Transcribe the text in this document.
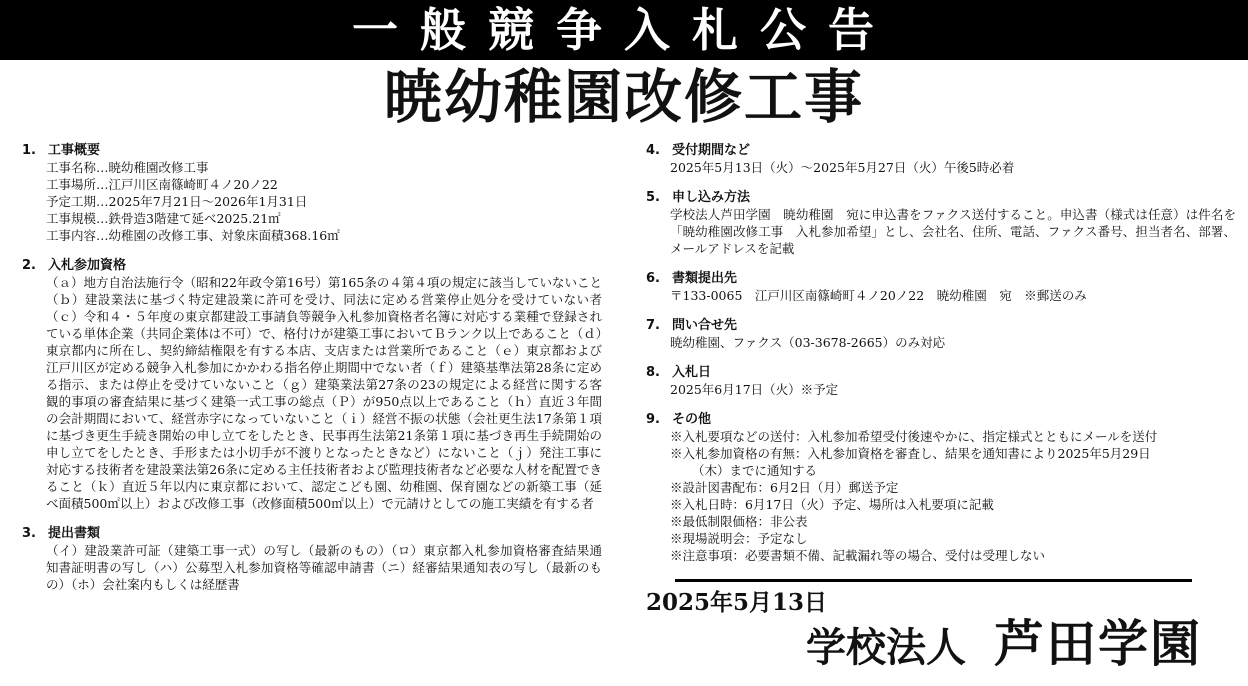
一般競争入札公告
暁幼稚園改修工事
1. 工事概要
工事名称…暁幼稚園改修工事
工事場所…江戸川区南篠崎町４ノ20ノ22
予定工期…2025年7月21日〜2026年1月31日
工事規模…鉄骨造3階建て延べ2025.21㎡
工事内容…幼稚園の改修工事、対象床面積368.16㎡
2. 入札参加資格
（ａ）地方自治法施行令（昭和22年政令第16号）第165条の４第４項の規定に該当していないこと（ｂ）建設業法に基づく特定建設業に許可を受け、同法に定める営業停止処分を受けていない者（ｃ）令和４・５年度の東京都建設工事請負等競争入札参加資格者名簿に対応する業種で登録されている単体企業（共同企業体は不可）で、格付けが建築工事においてＢランク以上であること（ｄ）東京都内に所在し、契約締結権限を有する本店、支店または営業所であること（ｅ）東京都および江戸川区が定める競争入札参加にかかわる指名停止期間中でない者（ｆ）建築基準法第28条に定める指示、または停止を受けていないこと（ｇ）建築業法第27条の23の規定による経営に関する客観的事項の審査結果に基づく建築一式工事の総点（Ｐ）が950点以上であること（ｈ）直近３年間の会計期間において、経営赤字になっていないこと（ｉ）経営不振の状態（会社更生法17条第１項に基づき更生手続き開始の申し立てをしたとき、民事再生法第21条第１項に基づき再生手続開始の申し立てをしたとき、手形または小切手が不渡りとなったときなど）にないこと（ｊ）発注工事に対応する技術者を建設業法第26条に定める主任技術者および監理技術者など必要な人材を配置できること（ｋ）直近５年以内に東京都において、認定こども園、幼稚園、保育園などの新築工事（延べ面積500㎡以上）および改修工事（改修面積500㎡以上）で元請けとしての施工実績を有する者
3. 提出書類
（イ）建設業許可証（建築工事一式）の写し（最新のもの）（ロ）東京都入札参加資格審査結果通知書証明書の写し（ハ）公募型入札参加資格等確認申請書（ニ）経審結果通知表の写し（最新のもの）（ホ）会社案内もしくは経歴書
4. 受付期間など
2025年5月13日（火）〜2025年5月27日（火）午後5時必着
5. 申し込み方法
学校法人芦田学園　暁幼稚園　宛に申込書をファクス送付すること。申込書（様式は任意）は件名を「暁幼稚園改修工事　入札参加希望」とし、会社名、住所、電話、ファクス番号、担当者名、部署、メールアドレスを記載
6. 書類提出先
〒133-0065　江戸川区南篠崎町４ノ20ノ22　暁幼稚園　宛　※郵送のみ
7. 問い合せ先
暁幼稚園、ファクス（03-3678-2665）のみ対応
8. 入札日
2025年6月17日（火）※予定
9. その他
※入札要項などの送付：入札参加希望受付後速やかに、指定様式とともにメールを送付
※入札参加資格の有無：入札参加資格を審査し、結果を通知書により2025年5月29日
（木）までに通知する
※設計図書配布：6月2日（月）郵送予定
※入札日時：6月17日（火）予定、場所は入札要項に記載
※最低制限価格：非公表
※現場説明会：予定なし
※注意事項：必要書類不備、記載漏れ等の場合、受付は受理しない
2025年5月13日
学校法人 芦田学園
